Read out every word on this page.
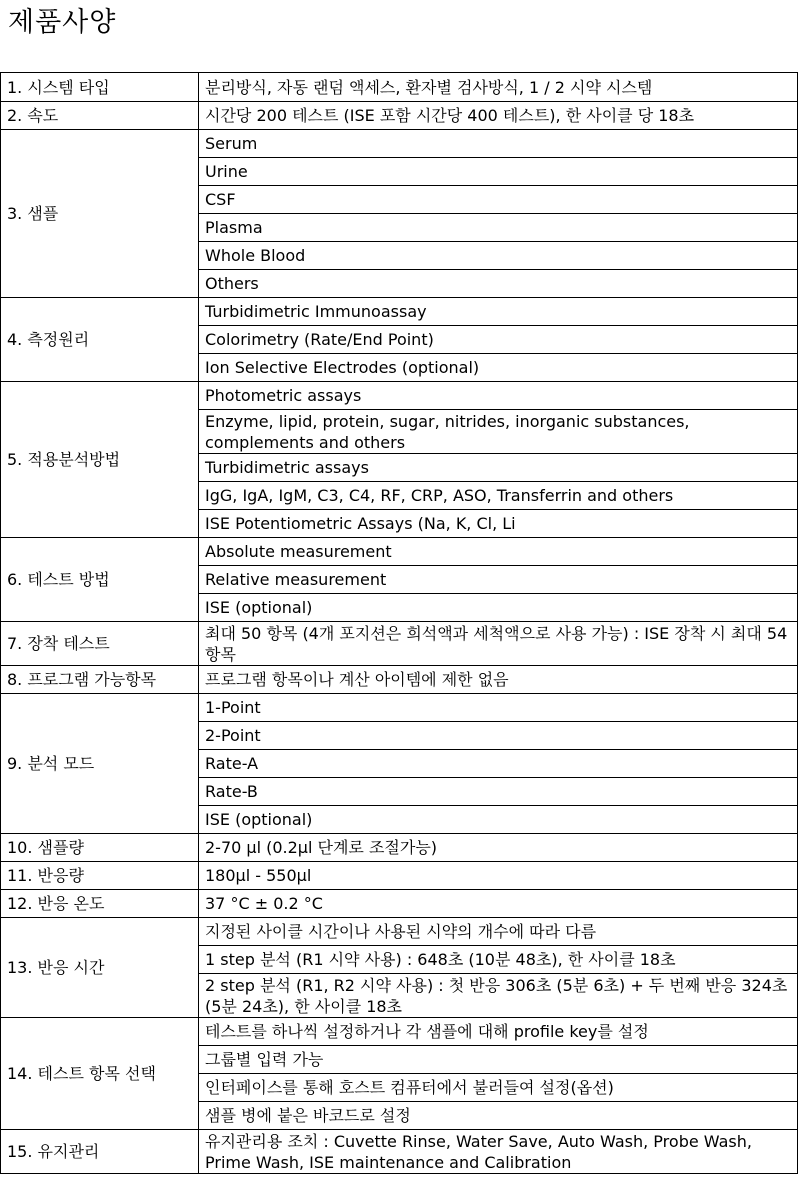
제품사양
1. 시스템 타입	분리방식, 자동 랜덤 액세스, 환자별 검사방식, 1 / 2 시약 시스템
2. 속도	시간당 200 테스트 (ISE 포함 시간당 400 테스트), 한 사이클 당 18초
3. 샘플	Serum
	Urine
	CSF
	Plasma
	Whole Blood
	Others
4. 측정원리	Turbidimetric Immunoassay
	Colorimetry (Rate/End Point)
	Ion Selective Electrodes (optional)
5. 적용분석방법	Photometric assays
	Enzyme, lipid, protein, sugar, nitrides, inorganic substances, complements and others
	Turbidimetric assays
	IgG, IgA, IgM, C3, C4, RF, CRP, ASO, Transferrin and others
	ISE Potentiometric Assays (Na, K, Cl, Li
6. 테스트 방법	Absolute measurement
	Relative measurement
	ISE (optional)
7. 장착 테스트	최대 50 항목 (4개 포지션은 희석액과 세척액으로 사용 가능) : ISE 장착 시 최대 54 항목
8. 프로그램 가능항목	프로그램 항목이나 계산 아이템에 제한 없음
9. 분석 모드	1-Point
	2-Point
	Rate-A
	Rate-B
	ISE (optional)
10. 샘플량	2-70 μl (0.2μl 단계로 조절가능)
11. 반응량	180μl - 550μl
12. 반응 온도	37 °C ± 0.2 °C
13. 반응 시간	지정된 사이클 시간이나 사용된 시약의 개수에 따라 다름
	1 step 분석 (R1 시약 사용) : 648초 (10분 48초), 한 사이클 18초
	2 step 분석 (R1, R2 시약 사용) : 첫 반응 306초 (5분 6초) + 두 번째 반응 324초 (5분 24초), 한 사이클 18초
14. 테스트 항목 선택	테스트를 하나씩 설정하거나 각 샘플에 대해 profile key를 설정
	그룹별 입력 가능
	인터페이스를 통해 호스트 컴퓨터에서 불러들여 설정(옵션)
	샘플 병에 붙은 바코드로 설정
15. 유지관리	유지관리용 조치 : Cuvette Rinse, Water Save, Auto Wash, Probe Wash, Prime Wash, ISE maintenance and Calibration
